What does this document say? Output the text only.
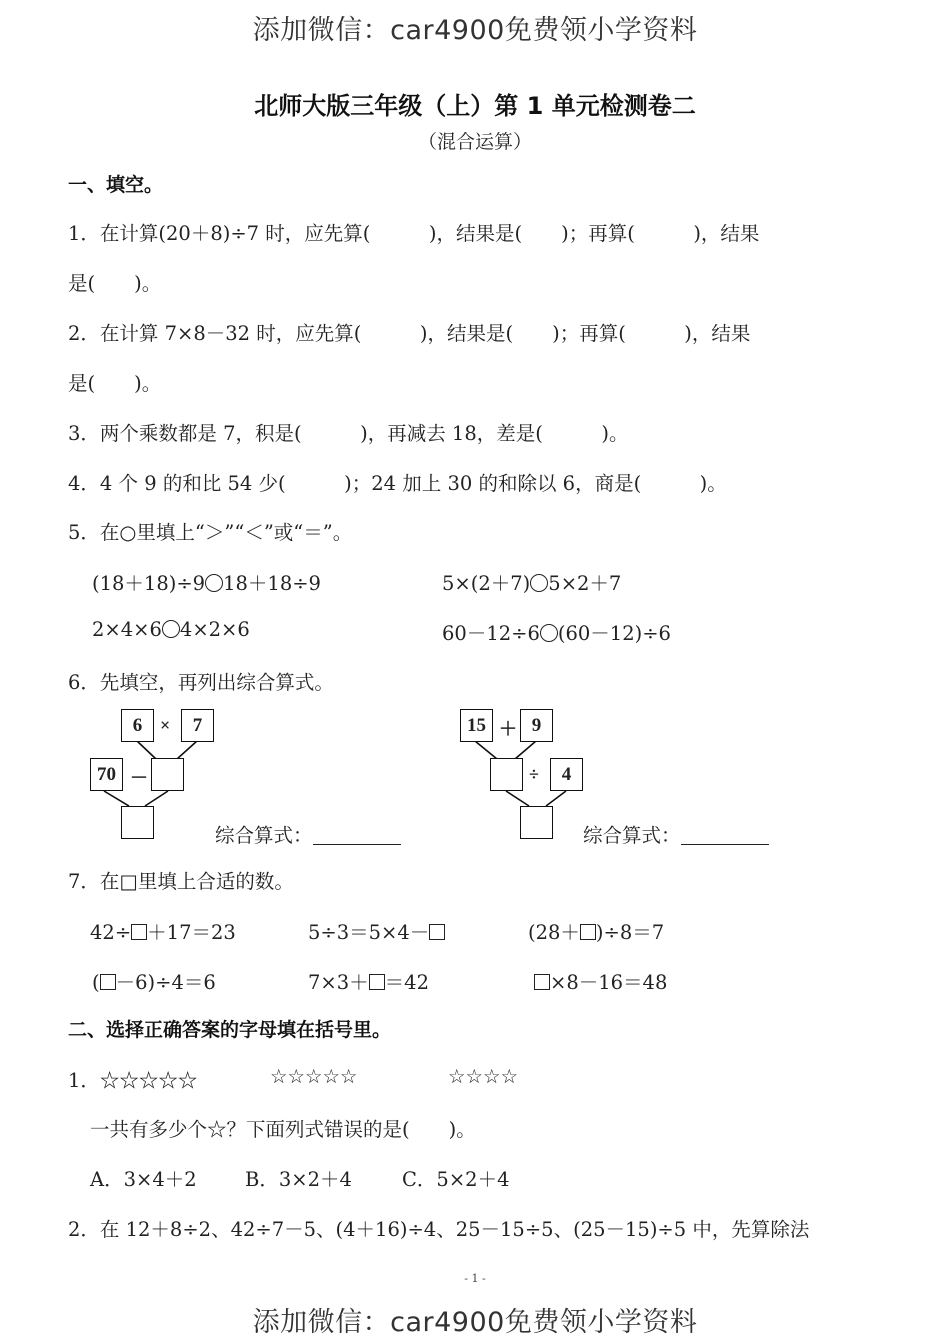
添加微信：car4900免费领小学资料
添加微信：car4900免费领小学资料
北师大版三年级（上）第 1 单元检测卷二
（混合运算）
一、填空。
1．在计算(20＋8)÷7 时，应先算(　　　)，结果是(　　)；再算(　　　)，结果
是(　　)。
2．在计算 7×8－32 时，应先算(　　　)，结果是(　　)；再算(　　　)，结果
是(　　)。
3．两个乘数都是 7，积是(　　　)，再减去 18，差是(　　　)。
4．4 个 9 的和比 54 少(　　　)；24 加上 30 的和除以 6，商是(　　　)。
5．在○里填上“＞”“＜”或“＝”。
(18＋18)÷9 18＋18÷9	5×(2＋7) 5×2＋7
2×4×6 4×2×6	60－12÷6 (60－12)÷6
6．先填空，再列出综合算式。
6 ×	7
70 －
综合算式：
15 ＋ 9
÷	4
综合算式：
7．在□里填上合适的数。
42÷ ＋17＝23	5÷3＝5×4－	(28＋ )÷8＝7
( －6)÷4＝6	7×3＋ ＝42	×8－16＝48
二、选择正确答案的字母填在括号里。
1．☆☆☆☆☆	☆☆☆☆☆	☆☆☆☆
一共有多少个☆？下面列式错误的是(　　)。
A．3×4＋2 B．3×2＋4	C．5×2＋4
2．在 12＋8÷2、42÷7－5、(4＋16)÷4、25－15÷5、(25－15)÷5 中，先算除法
- 1 -
